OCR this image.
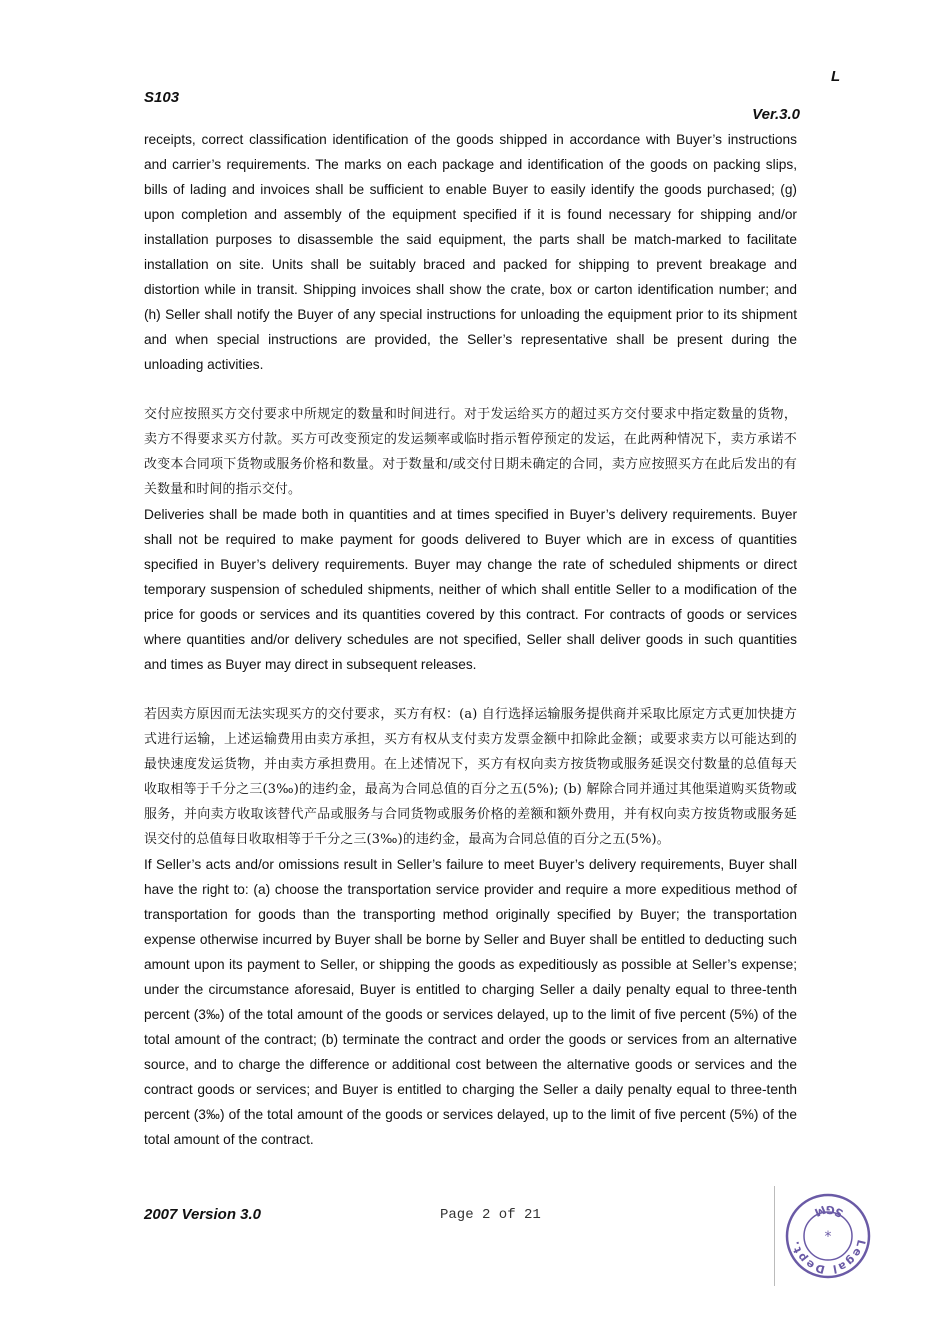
L
S103
Ver.3.0

receipts, correct classification identification of the goods shipped in accordance with Buyer’s instructions and carrier’s requirements. The marks on each package and identification of the goods on packing slips, bills of lading and invoices shall be sufficient to enable Buyer to easily identify the goods purchased; (g) upon completion and assembly of the equipment specified if it is found necessary for shipping and/or installation purposes to disassemble the said equipment, the parts shall be match-marked to facilitate installation on site. Units shall be suitably braced and packed for shipping to prevent breakage and distortion while in transit. Shipping invoices shall show the crate, box or carton identification number; and (h) Seller shall notify the Buyer of any special instructions for unloading the equipment prior to its shipment and when special instructions are provided, the Seller’s representative shall be present during the unloading activities.

交付应按照买方交付要求中所规定的数量和时间进行。对于发运给买方的超过买方交付要求中指定数量的货物，卖方不得要求买方付款。买方可改变预定的发运频率或临时指示暂停预定的发运，在此两种情况下，卖方承诺不改变本合同项下货物或服务价格和数量。对于数量和/或交付日期未确定的合同，卖方应按照买方在此后发出的有关数量和时间的指示交付。

Deliveries shall be made both in quantities and at times specified in Buyer’s delivery requirements. Buyer shall not be required to make payment for goods delivered to Buyer which are in excess of quantities specified in Buyer’s delivery requirements. Buyer may change the rate of scheduled shipments or direct temporary suspension of scheduled shipments, neither of which shall entitle Seller to a modification of the price for goods or services and its quantities covered by this contract. For contracts of goods or services where quantities and/or delivery schedules are not specified, Seller shall deliver goods in such quantities and times as Buyer may direct in subsequent releases.

若因卖方原因而无法实现买方的交付要求，买方有权：(a) 自行选择运输服务提供商并采取比原定方式更加快捷方式进行运输，上述运输费用由卖方承担，买方有权从支付卖方发票金额中扣除此金额；或要求卖方以可能达到的最快速度发运货物，并由卖方承担费用。在上述情况下，买方有权向卖方按货物或服务延误交付数量的总值每天收取相等于千分之三(3‰)的违约金，最高为合同总值的百分之五(5%); (b) 解除合同并通过其他渠道购买货物或服务，并向卖方收取该替代产品或服务与合同货物或服务价格的差额和额外费用，并有权向卖方按货物或服务延误交付的总值每日收取相等于千分之三(3‰)的违约金，最高为合同总值的百分之五(5%)。

If Seller’s acts and/or omissions result in Seller’s failure to meet Buyer’s delivery requirements, Buyer shall have the right to: (a) choose the transportation service provider and require a more expeditious method of transportation for goods than the transporting method originally specified by Buyer; the transportation expense otherwise incurred by Buyer shall be borne by Seller and Buyer shall be entitled to deducting such amount upon its payment to Seller, or shipping the goods as expeditiously as possible at Seller’s expense; under the circumstance aforesaid, Buyer is entitled to charging Seller a daily penalty equal to three-tenth percent (3‰) of the total amount of the goods or services delayed, up to the limit of five percent (5%) of the total amount of the contract; (b) terminate the contract and order the goods or services from an alternative source, and to charge the difference or additional cost between the alternative goods or services and the contract goods or services; and Buyer is entitled to charging the Seller a daily penalty equal to three-tenth percent (3‰) of the total amount of the goods or services delayed, up to the limit of five percent (5%) of the total amount of the contract.

2007 Version 3.0	Page 2 of 21
Legal Dept.
SGM
*
